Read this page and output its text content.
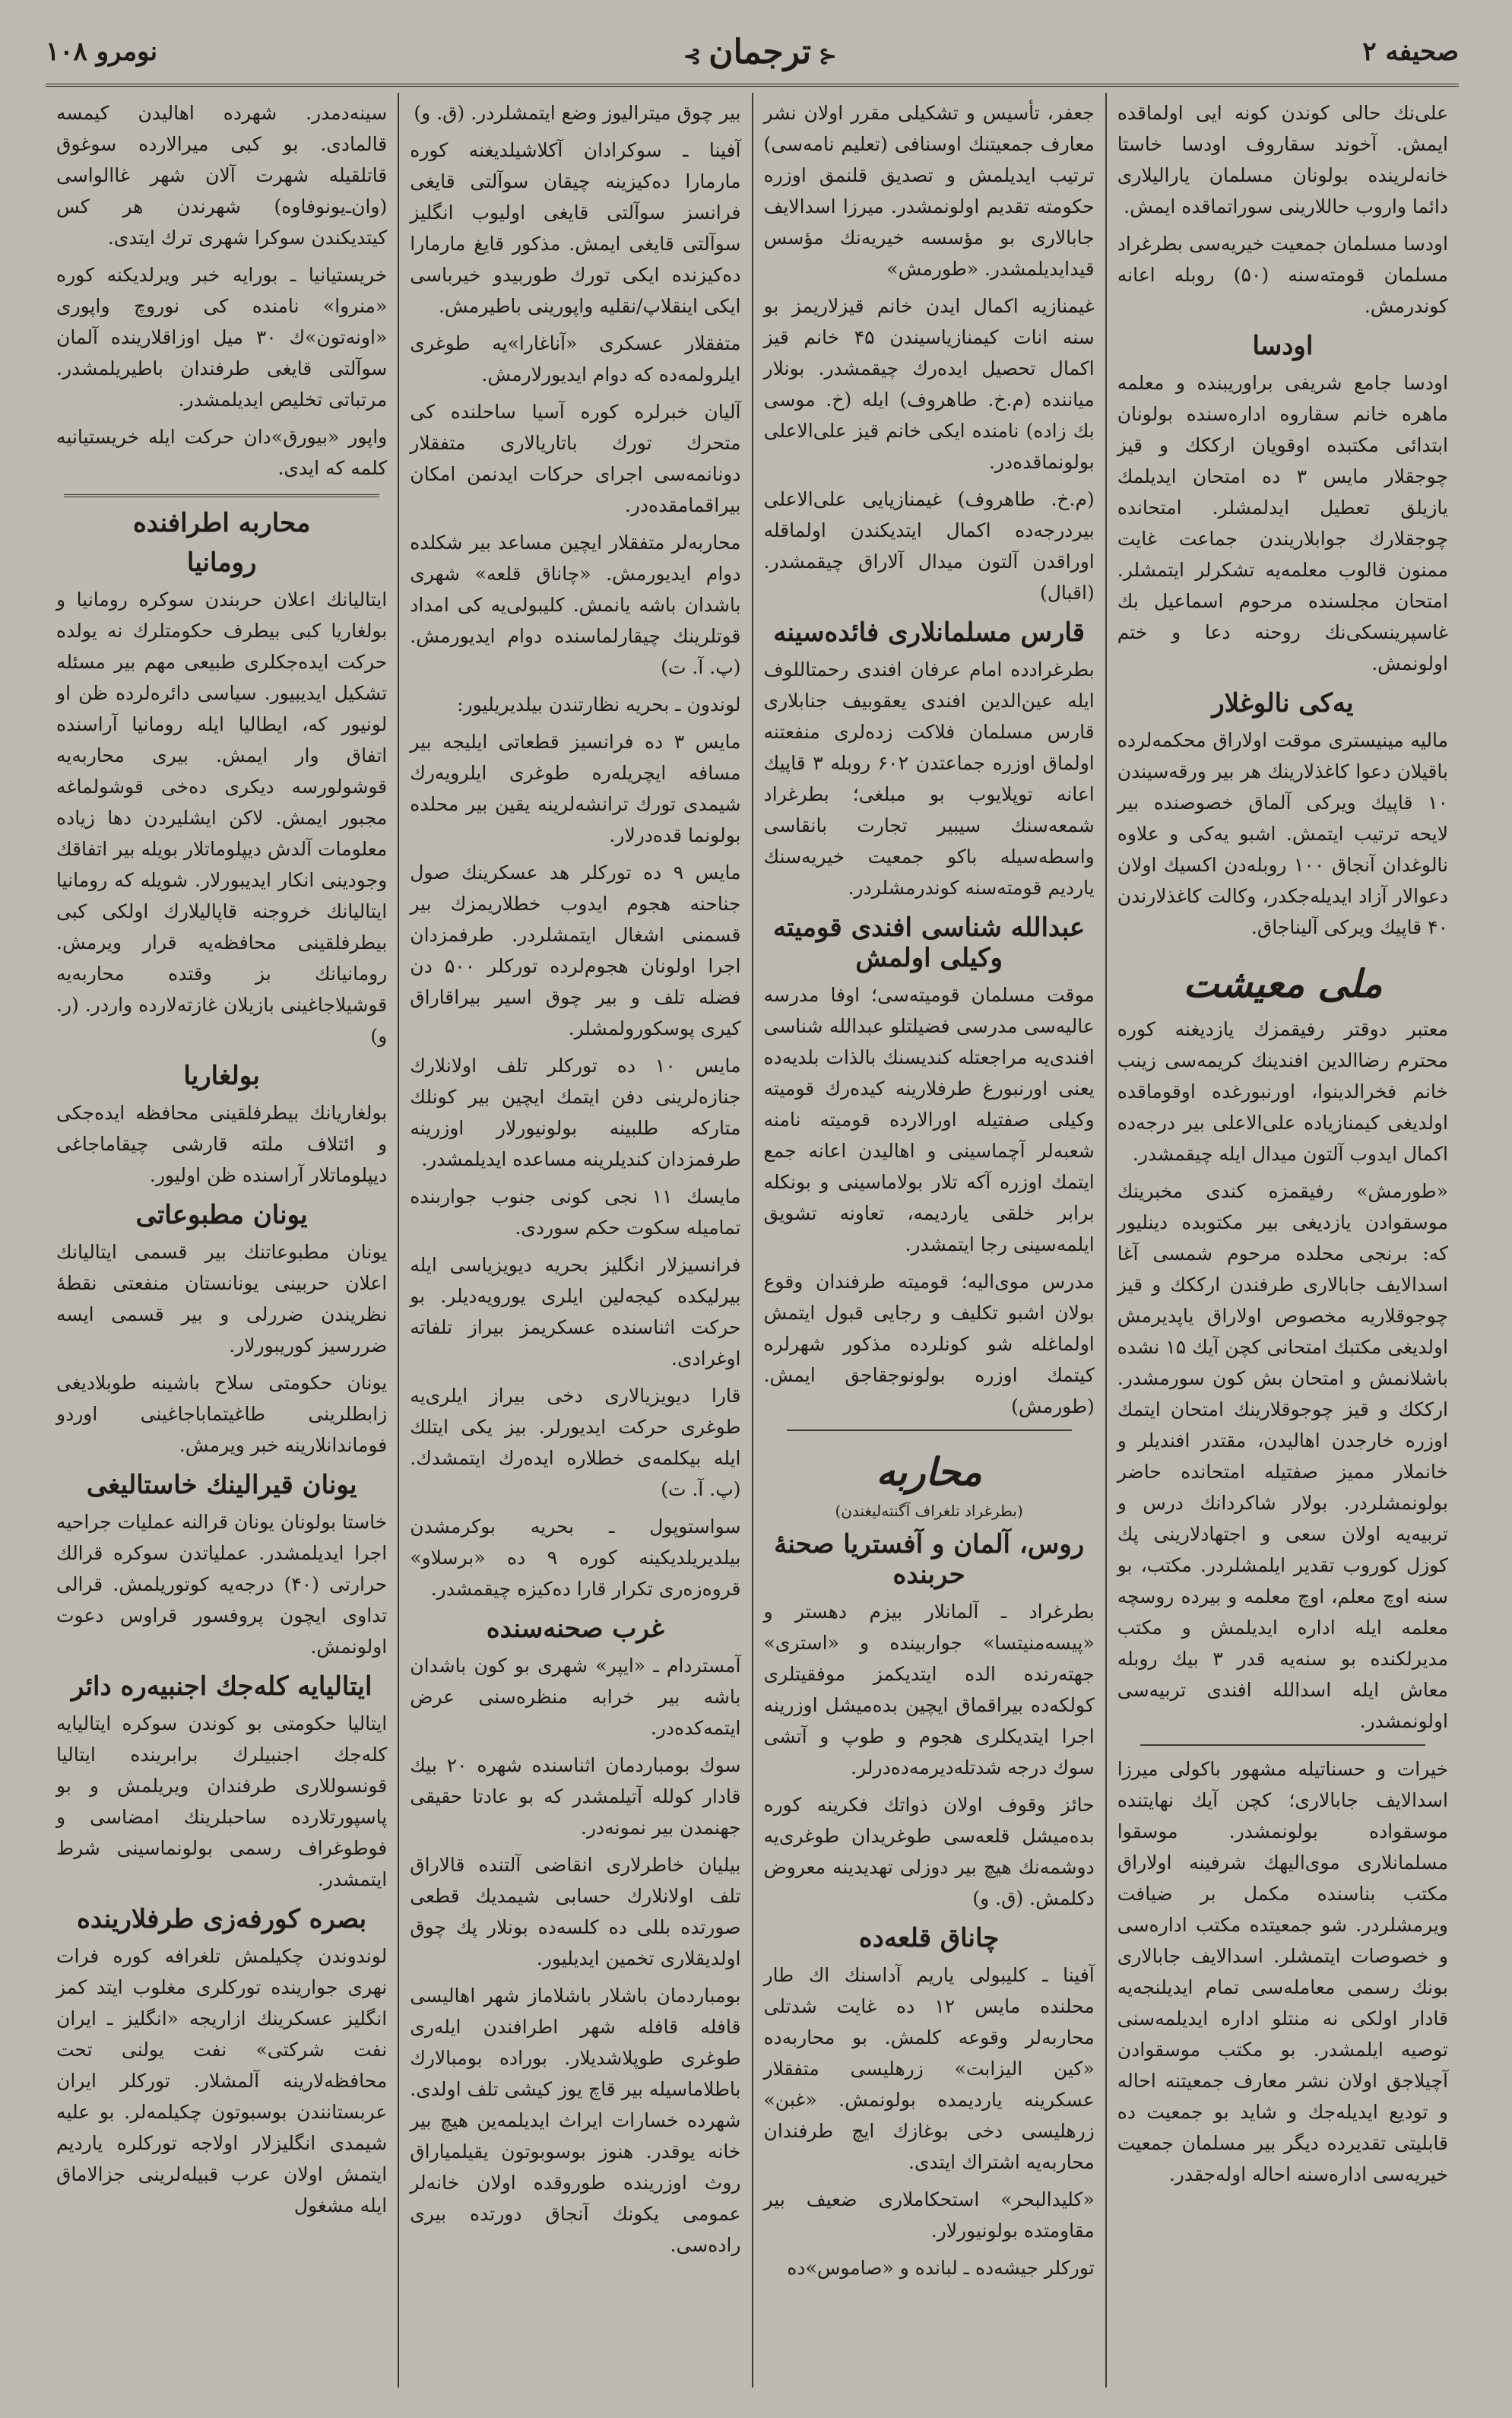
صحیفه ۲
⊰ترجمان⊱
نومرو ۱۰۸

علی‌نك حالی كوندن كونه ایی اولماقده ایمش. آخوند سقاروف اودسا خاستا خانه‌لرینده بولونان مسلمان یارالیلاری دائما واروب حاللارینی سوراتماقده ایمش.

اودسا مسلمان جمعیت خیریه‌سی بطرغراد مسلمان قومته‌سنه (۵۰) روبله اعانه كوندرمش.

اودسا

اودسا جامع شریفی براوریبنده و معلمه ماهره خانم سقاروه اداره‌سنده بولونان ابتدائی مكتبده اوقویان ارككك و قیز چوجقلار مایس ۳ ده امتحان ایدیلمك یازیلق تعطیل ایدلمشلر. امتحانده چوجقلارك جوابلاریندن جماعت غایت ممنون قالوب معلمه‌یه تشكرلر ایتمشلر. امتحان مجلسنده مرحوم اسماعیل بك غاسپرینسكی‌نك روحنه دعا و ختم اولونمش.

یه‌كی نالوغلار

مالیه مینیستری موقت اولاراق محكمه‌لرده باقیلان دعوا كاغذلارینك هر بیر ورقه‌سیندن ۱۰ قاپیك ویركی آلماق خصوصنده بیر لایحه ترتیب ایتمش. اشبو یه‌كی و علاوه نالوغدان آنجاق ۱۰۰ روبله‌دن اكسیك اولان دعوالار آزاد ایدیله‌جكدر، وكالت كاغذلارندن ۴۰ قاپیك ویركی آلیناجاق.

ملی معیشت

معتبر دوقتر رفیقمزك یازدیغنه كوره محترم رضاالدین افندینك كریمه‌سی زینب خانم فخرالدینوا، اورنبورغده اوقوماقده اولدیغی كیمنازیاده علی‌الاعلی بیر درجه‌ده اكمال ایدوب آلتون میدال ایله چیقمشدر.

«طورمش» رفیقمزه كندی مخبرینك موسقوادن یازدیغی بیر مكتوبده دینلیور كه: برنجی محلده مرحوم شمسی آغا اسدالایف جابالاری طرفندن ارككك و قیز چوجوقلاریه مخصوص اولاراق یاپدیرمش اولدیغی مكتبك امتحانی كچن آیك ۱۵ نشده باشلانمش و امتحان بش كون سورمشدر. ارككك و قیز چوجوقلارینك امتحان ایتمك اوزره خارجدن اهالیدن، مقتدر افندیلر و خانملار ممیز صفتیله امتحانده حاضر بولونمشلردر. بولار شاكردانك درس و تربیه‌یه اولان سعی و اجتهادلارینی پك كوزل كوروب تقدیر ایلمشلردر. مكتب، بو سنه اوچ معلم، اوچ معلمه و بیرده روسچه معلمه ایله اداره ایدیلمش و مكتب مدیرلكنده بو سنه‌یه قدر ۳ بیك روبله معاش ایله اسدالله افندی تربیه‌سی اولونمشدر.

خیرات و حسناتیله مشهور باكولی میرزا اسدالایف جابالاری؛ كچن آیك نهایتنده موسقواده بولونمشدر. موسقوا مسلمانلاری موی‌الیهك شرفینه اولاراق مكتب بناسنده مكمل بر ضیافت ویرمشلردر. شو جمعیتده مكتب اداره‌سی و خصوصات ایتمشلر. اسدالایف جابالاری بونك رسمی معامله‌سی تمام ایدیلنجه‌یه قادار اولكی نه منتلو اداره ایدیلمه‌سنی توصیه ایلمشدر. بو مكتب موسقوادن آچیلاجق اولان نشر معارف جمعیتنه احاله و تودیع ایدیله‌جك و شاید بو جمعیت ده قابلیتی تقدیرده دیگر بیر مسلمان جمعیت خیریه‌سی اداره‌سنه احاله اوله‌جقدر.

جعفر، تأسیس و تشكیلی مقرر اولان نشر معارف جمعیتنك اوسنافی (تعلیم نامه‌سی) ترتیب ایدیلمش و تصدیق قلنمق اوزره حكومته تقدیم اولونمشدر. میرزا اسدالایف جابالاری بو مؤسسه خیریه‌نك مؤسس قیدایدیلمشدر. «طورمش»

غیمنازیه اكمال ایدن خانم قیزلاریمز بو سنه انات كیمنازیاسیندن ۴۵ خانم قیز اكمال تحصیل ایده‌رك چیقمشدر. بونلار میاننده (م.خ. طاهروف) ایله (خ. موسی بك زاده) نامنده ایكی خانم قیز علی‌الاعلی بولونماقده‌در.

(م.خ. طاهروف) غیمنازیایی علی‌الاعلی بیردرجه‌ده اكمال ایتدیكندن اولماقله اوراقدن آلتون میدال آلاراق چیقمشدر. (اقبال)

قارس مسلمانلاری فائده‌سینه

بطرغرادده امام عرفان افندی رحمتاللوف ایله عین‌الدین افندی یعقوبیف جنابلاری قارس مسلمان فلاكت زده‌لری منفعتنه اولماق اوزره جماعتدن ۶۰۲ روبله ۳ قاپیك اعانه توپلایوب بو مبلغی؛ بطرغراد شمعه‌سنك سیبیر تجارت بانقاسی واسطه‌سیله باكو جمعیت خیریه‌سنك یاردیم قومته‌سنه كوندرمشلردر.

عبدالله شناسی افندی قومیته وكیلی اولمش

موقت مسلمان قومیته‌سی؛ اوفا مدرسه عالیه‌سی مدرسی فضیلتلو عبدالله شناسی افندی‌یه مراجعتله كندیسنك بالذات بلدیه‌ده یعنی اورنبورغ طرفلارینه كیده‌رك قومیته وكیلی صفتیله اورالارده قومیته نامنه شعبه‌لر آچماسینی و اهالیدن اعانه جمع ایتمك اوزره آكه تلار بولاماسینی و بونكله برابر خلقی یاردیمه، تعاونه تشویق ایلمه‌سینی رجا ایتمشدر.

مدرس موی‌الیه؛ قومیته طرفندان وقوع بولان اشبو تكلیف و رجایی قبول ایتمش اولماغله شو كونلرده مذكور شهرلره كیتمك اوزره بولونوجقاجق ایمش. (طورمش)

محاربه
(بطرغراد تلغراف آگنته‌لیغندن)
روس، آلمان و آفستریا صحنهٔ حربنده

بطرغراد ـ آلمانلار بیزم دهستر و «پیسه‌منیتسا» جواربینده و «استری» جهته‌رنده الده ایتدیكمز موفقیتلری كولكه‌ده بیراقماق ایچین بده‌میشل اوزرینه اجرا ایتدیكلری هجوم و طوپ و آتشی سوك درجه شدتله‌دیرمه‌ده‌درلر.

حائز وقوف اولان ذواتك فكرینه كوره بده‌میشل قلعه‌سی طوغریدان طوغری‌یه دوشمه‌نك هیچ بیر دوزلی تهدیدینه معروض دكلمش. (ق. و)

چاناق قلعه‌ده

آفینا ـ كلیبولی یاریم آداسنك اك طار محلنده مایس ۱۲ ده غایت شدتلی محاربه‌لر وقوعه كلمش. بو محاربه‌ده «كین الیزابت» زرهلیسی متفقلار عسكرینه یاردیمده بولونمش. «غبن» زرهلیسی دخی بوغازك ایچ طرفندان محاربه‌یه اشتراك ایتدی.

«كلیدالبحر» استحكاملاری ضعیف بیر مقاومتده بولونیورلار.

توركلر جیشه‌ده ـ لبانده و «صاموس»ده

بیر چوق میترالیوز وضع ایتمشلردر. (ق. و)

آفینا ـ سوكرادان آكلاشیلدیغنه كوره مارمارا ده‌كیزینه چیقان سوآلتی قایغی فرانسز سوآلتی قایغی اولیوب انگلیز سوآلتی قایغی ایمش. مذكور قایغ مارمارا ده‌كیزنده ایكی تورك طوربیدو خیرباسی ایكی اینقلاپ/نقلیه واپورینی باطیرمش.

متفقلار عسكری «آناغارا»یه طوغری ایلرولمه‌ده كه دوام ایدیورلارمش.

آلیان خبرلره كوره آسیا ساحلنده كی متحرك تورك باتاریالاری متفقلار دونانمه‌سی اجرای حركات ایدنمن امكان بیراقمامقده‌در.

محاربه‌لر متفقلار ایچین مساعد بیر شكلده دوام ایدیورمش. «چاناق قلعه» شهری باشدان باشه یانمش. كلیبولی‌یه كی امداد قوتلرینك چیقارلماسنده دوام ایدیورمش. (پ. آ. ت)

لوندون ـ بحریه نظارتندن بیلدیریلیور:

مایس ۳ ده فرانسیز قطعاتی ایلیجه بیر مسافه ایچریله‌ره طوغری ایلرویه‌رك شیمدی تورك ترانشه‌لرینه یقین بیر محلده بولونما قده‌درلار.

مایس ۹ ده توركلر هد عسكرینك صول جناحنه هجوم ایدوب خطلاریمزك بیر قسمنی اشغال ایتمشلردر. طرفمزدان اجرا اولونان هجوم‌لرده توركلر ۵۰۰ دن فضله تلف و بیر چوق اسیر بیراقاراق كیری پوسكورولمشلر.

مایس ۱۰ ده توركلر تلف اولانلارك جنازه‌لرینی دفن ایتمك ایچین بیر كونلك متاركه طلبینه بولونیورلار اوزرینه طرفمزدان كندیلرینه مساعده ایدیلمشدر.

مایسك ۱۱ نجی كونی جنوب جواربنده تمامیله سكوت حكم سوردی.

فرانسیزلار انگلیز بحریه دیویزیاسی ایله بیرلیكده كیجه‌لین ایلری یورویه‌دیلر. بو حركت اثناسنده عسكریمز بیراز تلفاته اوغرادی.

قارا دیویزیالاری دخی بیراز ایلری‌یه طوغری حركت ایدیورلر. بیز یكی ایتلك ایله بیكلمه‌ی خطلاره ایده‌رك ایتمشدك. (پ. آ. ت)

سواستوپول ـ بحریه بوكرمشدن بیلدیریلدیكینه كوره ۹ ده «برسلاو» قروه‌زه‌ری تكرار قارا ده‌كیزه چیقمشدر.

غرب صحنه‌سنده

آمستردام ـ «ایپر» شهری بو كون باشدان باشه بیر خرابه منظره‌سنی عرض ایتمه‌كده‌در.

سوك بومباردمان اثناسنده شهره ۲۰ بیك قادار كولله آتیلمشدر كه بو عادتا حقیقی جهنمدن بیر نمونه‌در.

بیلیان خاطرلاری انقاضی آلتنده قالاراق تلف اولانلارك حسابی شیمدیك قطعی صورتده بللی ده كلسه‌ده بونلار پك چوق اولدیقلاری تخمین ایدیلیور.

بومباردمان باشلار باشلاماز شهر اهالیسی قافله قافله شهر اطرافندن ایله‌ری طوغری طوپلاشدیلار. بوراده بومبالارك باطلاماسیله بیر قاچ یوز كیشی تلف اولدی. شهرده خسارات ایراث ایدیلمه‌ین هیچ بیر خانه یوقدر. هنوز بوسوبوتون یقیلمیاراق روث اوزرینده طوروقده اولان خانه‌لر عمومی یكونك آنجاق دورتده بیری راده‌سی.

سینه‌دمدر. شهرده اهالیدن كیمسه قالمادی. بو كبی میرالارده سوغوق قاتلقیله شهرت آلان شهر غاالواسی (وان‌ـ‌یونوفاوه) شهرندن هر كس كیتدیكندن سوكرا شهری ترك ایتدی.

خریستیانیا ـ بورایه خبر ویرلدیكنه كوره «منروا» نامنده كی نوروچ واپوری «اونه‌تون»ك ۳۰ میل اوزاقلارینده آلمان سوآلتی قایغی طرفندان باطیریلمشدر. مرتباتی تخلیص ایدیلمشدر.

واپور «بیورق»دان حركت ایله خریستیانیه كلمه كه ایدی.

محاربه اطرافنده
رومانیا

ایتالیانك اعلان حربندن سوكره رومانیا و بولغاریا كبی بیطرف حكومتلرك نه یولده حركت ایده‌جكلری طبیعی مهم بیر مسئله تشكیل ایدیبیور. سیاسی دائره‌لرده ظن او لونیور كه، ایطالیا ایله رومانیا آراسنده اتفاق وار ایمش. بیری محاربه‌یه قوشولورسه دیكری ده‌خی قوشولماغه مجبور ایمش. لاكن ایشلیردن دها زیاده معلومات آلدش دیپلوماتلار بویله بیر اتفاقك وجودینی انكار ایدیبورلار. شویله كه رومانیا ایتالیانك خروجنه قاپالیلارك اولكی كبی بیطرفلقینی محافظه‌یه قرار ویرمش. رومانیانك بز وقتده محاربه‌یه قوشیلاجاغینی بازیلان غازته‌لارده واردر. (ر. و)

بولغاریا

بولغاریانك بیطرفلقینی محافظه ایده‌جكی و ائتلاف ملته قارشی چیقاماجاغی دیپلوماتلار آراسنده ظن اولیور.

یونان مطبوعاتی

یونان مطبوعاتنك بیر قسمی ایتالیانك اعلان حربینی یونانستان منفعتی نقطهٔ نظریندن ضررلی و بیر قسمی ایسه ضررسیز كوریبورلار.

یونان حكومتی سلاح باشینه طوبلادیغی زابطلرینی طاغیتماباجاغینی اوردو فوماندانلارینه خبر ویرمش.

یونان قیرالینك خاستالیغی

خاستا بولونان یونان قرالنه عملیات جراحیه اجرا ایدیلمشدر. عملیاتدن سوكره قرالك حرارتی (۴۰) درجه‌یه كوتوریلمش. قرالی تداوی ایچون پروفسور قراوس دعوت اولونمش.

ایتالیایه كله‌جك اجنبیه‌ره دائر

ایتالیا حكومتی بو كوندن سوكره ایتالیایه كله‌جك اجنبیلرك برابرینده ایتالیا قونسوللاری طرفندان ویریلمش و بو پاسپورتلارده ساحبلرینك امضاسی و فوطوغراف رسمی بولونماسینی شرط ایتمشدر.

بصره كورفه‌زی طرفلارینده

لوندوندن چكیلمش تلغرافه كوره فرات نهری جوارینده توركلری مغلوب ایتد كمز انگلیز عسكرینك ازاریجه «انگلیز ـ ایران نفت شركتی» نفت یولنی تحت محافظه‌لارینه آلمشلار. توركلر ایران عربستانندن بوسبوتون چكیلمه‌لر. بو علیه شیمدی انگلیزلار اولاجه توركلره یاردیم ایتمش اولان عرب قبیله‌لرینی جزالاماق ایله مشغول
